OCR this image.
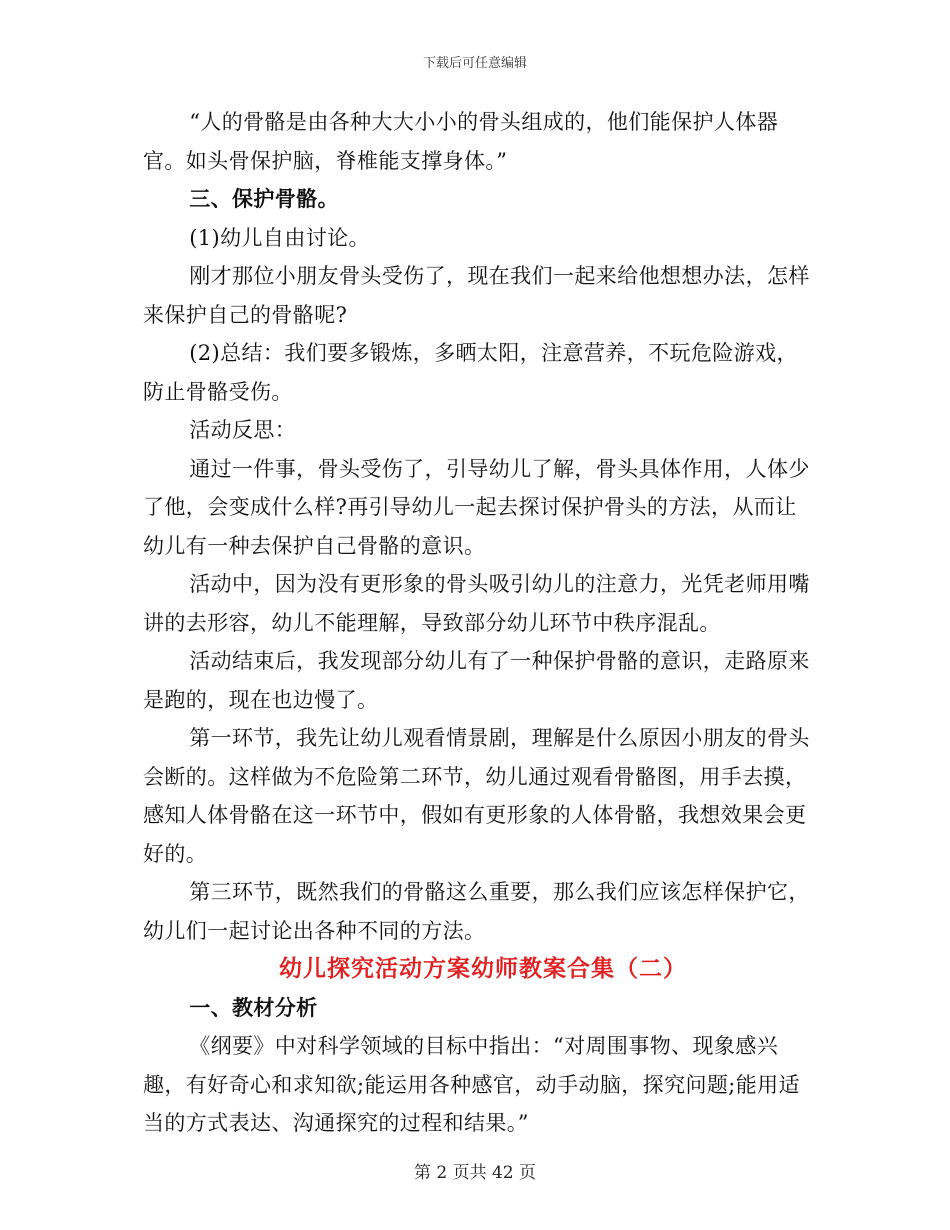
下载后可任意编辑

“人的骨骼是由各种大大小小的骨头组成的，他们能保护人体器官。如头骨保护脑，脊椎能支撑身体。”

三、保护骨骼。

(1)幼儿自由讨论。

刚才那位小朋友骨头受伤了，现在我们一起来给他想想办法，怎样来保护自己的骨骼呢?

(2)总结：我们要多锻炼，多晒太阳，注意营养，不玩危险游戏，防止骨骼受伤。

活动反思：

通过一件事，骨头受伤了，引导幼儿了解，骨头具体作用，人体少了他，会变成什么样?再引导幼儿一起去探讨保护骨头的方法，从而让幼儿有一种去保护自己骨骼的意识。

活动中，因为没有更形象的骨头吸引幼儿的注意力，光凭老师用嘴讲的去形容，幼儿不能理解，导致部分幼儿环节中秩序混乱。

活动结束后，我发现部分幼儿有了一种保护骨骼的意识，走路原来是跑的，现在也边慢了。

第一环节，我先让幼儿观看情景剧，理解是什么原因小朋友的骨头会断的。这样做为不危险第二环节，幼儿通过观看骨骼图，用手去摸，感知人体骨骼在这一环节中，假如有更形象的人体骨骼，我想效果会更好的。

第三环节，既然我们的骨骼这么重要，那么我们应该怎样保护它，幼儿们一起讨论出各种不同的方法。

幼儿探究活动方案幼师教案合集（二）

一、教材分析

《纲要》中对科学领域的目标中指出：“对周围事物、现象感兴趣，有好奇心和求知欲;能运用各种感官，动手动脑，探究问题;能用适当的方式表达、沟通探究的过程和结果。”

第 2 页共 42 页
